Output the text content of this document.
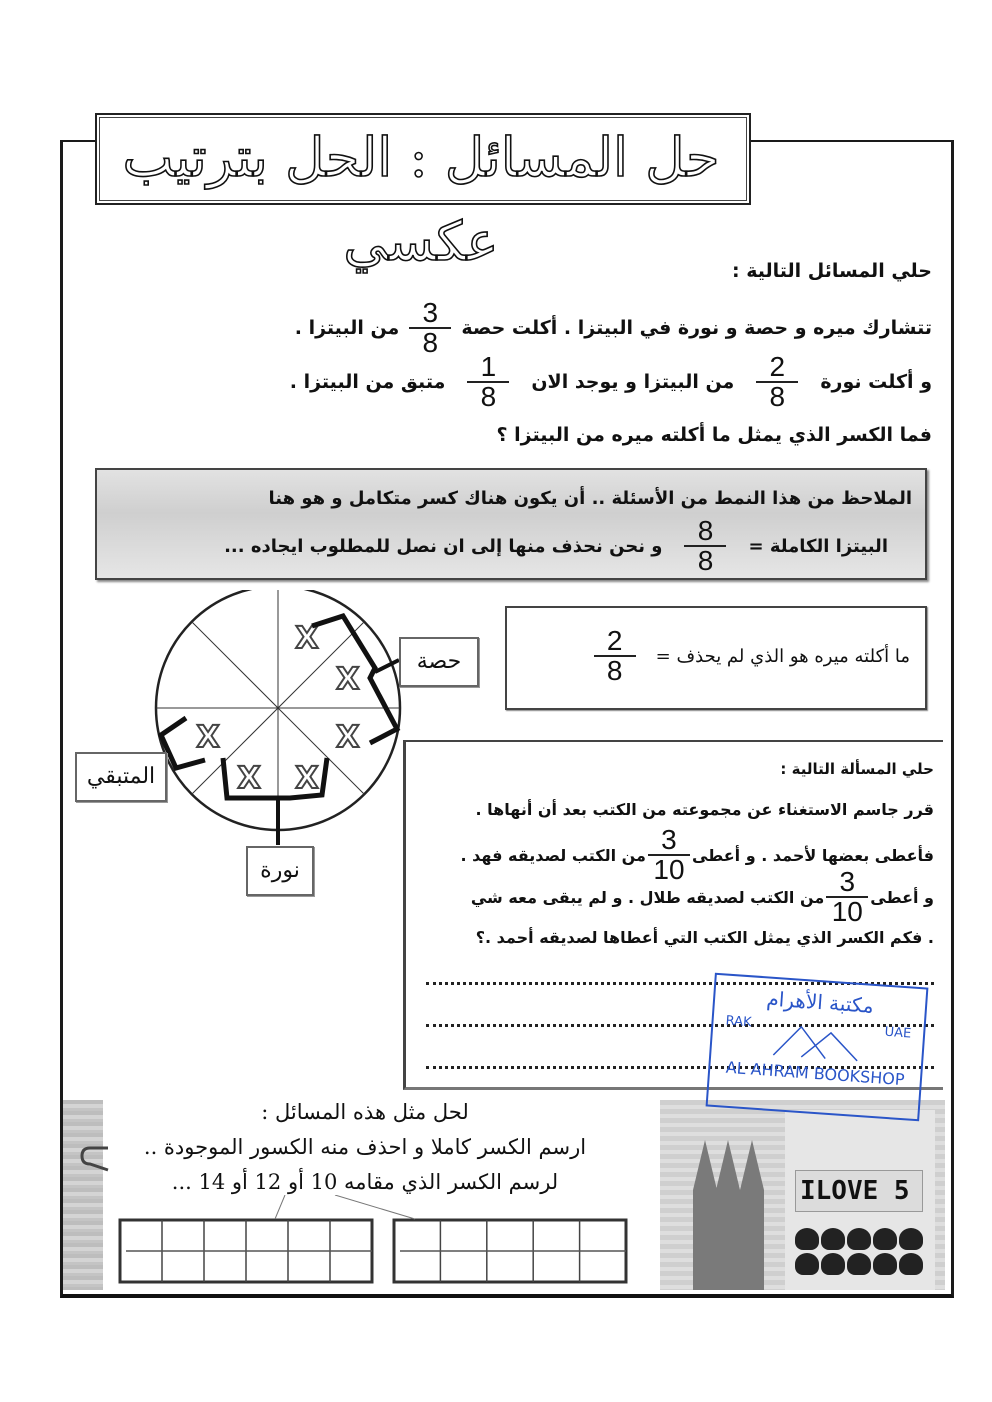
حل المسائل : الحل بترتيب عكسي	حلي المسائل التالية :
تتشارك ميره و حصة و نورة في البيتزا . أكلت حصة
$\frac{3}{8}$
من البيتزا .
و أكلت نورة
$\frac{2}{8}$
من البيتزا و يوجد الان
$\frac{1}{8}$
متبق من البيتزا .
فما الكسر الذي يمثل ما أكلته ميره من البيتزا ؟
الملاحظ من هذا النمط من الأسئلة .. أن يكون هناك كسر متكامل و هو هنا
البيتزا الكاملة =
$\frac{8}{8}$
و نحن نحذف منها إلى ان نصل للمطلوب ايجاده ...
X
X
X
X
X
X
حصة
المتبقي
نورة
ما أكلته ميره هو الذي لم يحذف =
$\frac{2}{8}$
حلي المسألة التالية :
قرر جاسم الاستغناء عن مجموعته من الكتب بعد أن أنهاها .
فأعطى بعضها لأحمد . و أعطى
$\frac{3}{10}$
من الكتب لصديقه فهد .
و أعطى
$\frac{3}{10}$
من الكتب لصديقه طلال . و لم يبقى معه شي
. فكم الكسر الذي يمثل الكتب التي أعطاها لصديقه أحمد .؟
ILOVE 5
مكتبة الأهرام
RAK
UAE
AL AHRAM BOOKSHOP
لحل مثل هذه المسائل :
ارسم الكسر كاملا و احذف منه الكسور الموجودة ..
لرسم الكسر الذي مقامه 10 أو 12 أو 14 ...
